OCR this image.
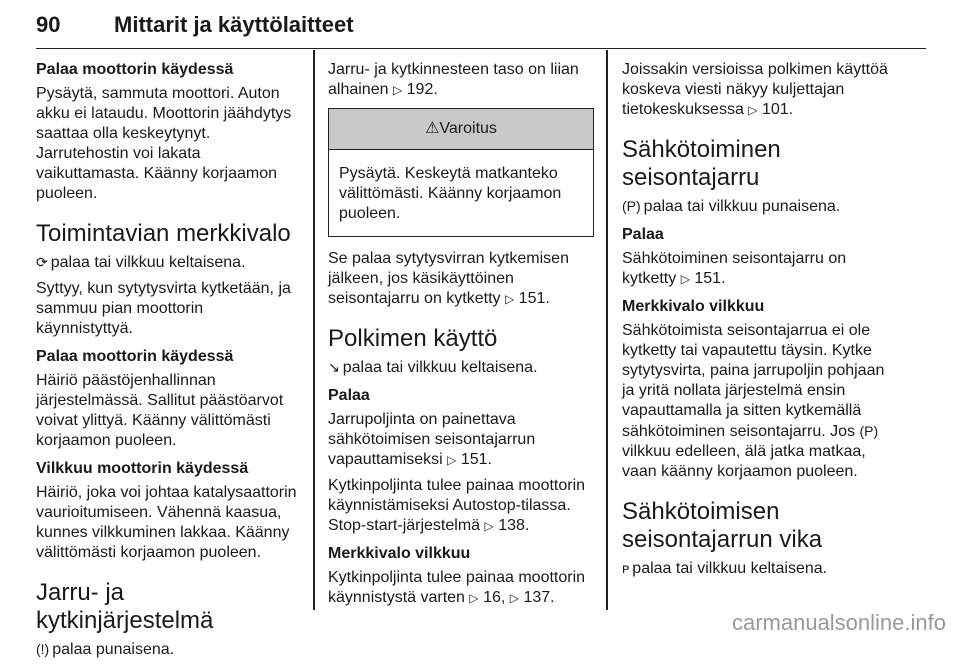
90 Mittarit ja käyttölaitteet
Palaa moottorin käydessä

Pysäytä, sammuta moottori. Auton akku ei lataudu. Moottorin jäähdytys saattaa olla keskeytynyt. Jarrutehostin voi lakata vaikuttamasta. Käänny korjaamon puoleen.

Toimintavian merkkivalo

⟳ palaa tai vilkkuu keltaisena.

Syttyy, kun sytytysvirta kytketään, ja sammuu pian moottorin käynnistyttyä.

Palaa moottorin käydessä

Häiriö päästöjenhallinnan järjestelmässä. Sallitut päästöarvot voivat ylittyä. Käänny välittömästi korjaamon puoleen.

Vilkkuu moottorin käydessä

Häiriö, joka voi johtaa katalysaattorin vaurioitumiseen. Vähennä kaasua, kunnes vilkkuminen lakkaa. Käänny välittömästi korjaamon puoleen.

Jarru- ja kytkinjärjestelmä

(!) palaa punaisena.

Jarru- ja kytkinnesteen taso on liian alhainen ▷ 192.

⚠Varoitus
Pysäytä. Keskeytä matkanteko välittömästi. Käänny korjaamon puoleen.

Se palaa sytytysvirran kytkemisen jälkeen, jos käsikäyttöinen seisontajarru on kytketty ▷ 151.

Polkimen käyttö

↘ palaa tai vilkkuu keltaisena.

Palaa

Jarrupoljinta on painettava sähkötoimisen seisontajarrun vapauttamiseksi ▷ 151.

Kytkinpoljinta tulee painaa moottorin käynnistämiseksi Autostop-tilassa. Stop-start-järjestelmä ▷ 138.

Merkkivalo vilkkuu

Kytkinpoljinta tulee painaa moottorin käynnistystä varten ▷ 16, ▷ 137.

Joissakin versioissa polkimen käyttöä koskeva viesti näkyy kuljettajan tietokeskuksessa ▷ 101.

Sähkötoiminen seisontajarru

(P) palaa tai vilkkuu punaisena.

Palaa

Sähkötoiminen seisontajarru on kytketty ▷ 151.

Merkkivalo vilkkuu

Sähkötoimista seisontajarrua ei ole kytketty tai vapautettu täysin. Kytke sytytysvirta, paina jarrupoljin pohjaan ja yritä nollata järjestelmä ensin vapauttamalla ja sitten kytkemällä sähkötoiminen seisontajarru. Jos (P) vilkkuu edelleen, älä jatka matkaa, vaan käänny korjaamon puoleen.

Sähkötoimisen seisontajarrun vika

ᴘ palaa tai vilkkuu keltaisena.

carmanualsonline.info
